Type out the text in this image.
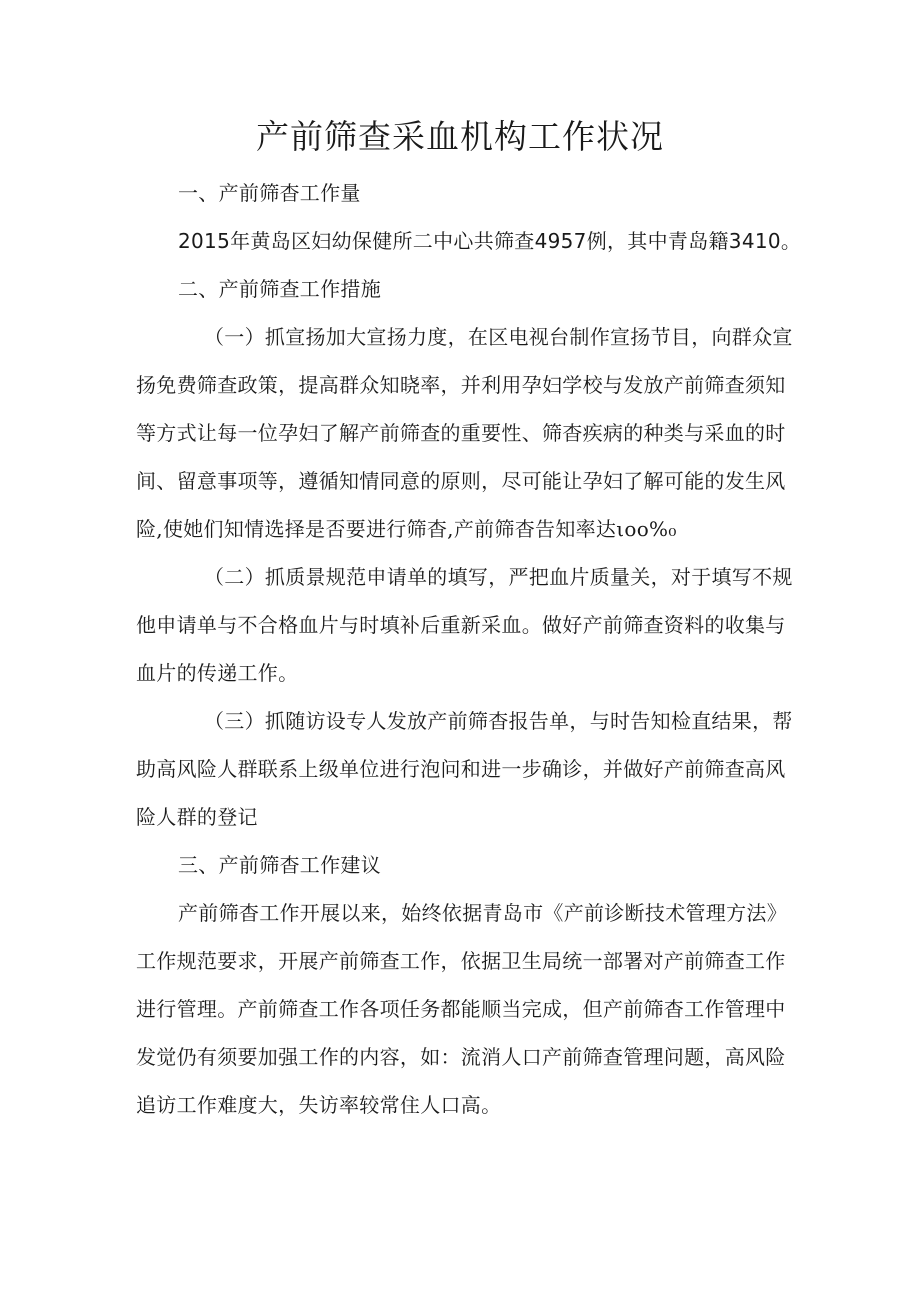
产前筛查采血机构工作状况
一、产前筛杳工作量
2015年黄岛区妇幼保健所二中心共筛查4957例，其中青岛籍3410。
二、产前筛查工作措施
（一）抓宣扬加大宣扬力度，在区电视台制作宣扬节目，向群众宣
扬免费筛查政策，提高群众知晓率，并利用孕妇学校与发放产前筛查须知
等方式让每一位孕妇了解产前筛查的重要性、筛杳疾病的种类与采血的时
间、留意事项等，遵循知情同意的原则，尽可能让孕妇了解可能的发生风
险,使她们知情选择是否要进行筛杳,产前筛杳告知率达ιoo%₀
（二）抓质景规范申请单的填写，严把血片质量关，对于填写不规
他申请单与不合格血片与时填补后重新采血。做好产前筛查资料的收集与
血片的传递工作。
（三）抓随访设专人发放产前筛杳报告单，与时告知检直结果，帮
助高风险人群联系上级单位进行泡问和进一步确诊，并做好产前筛查高风
险人群的登记
三、产前筛杳工作建议
产前筛杳工作开展以来，始终依据青岛市《产前诊断技术管理方法》
工作规范要求，开展产前筛查工作，依据卫生局统一部署对产前筛查工作
进行管理。产前筛查工作各项任务都能顺当完成，但产前筛杳工作管理中
发觉仍有须要加强工作的内容，如：流消人口产前筛查管理问题，高风险
追访工作难度大，失访率较常住人口高。
